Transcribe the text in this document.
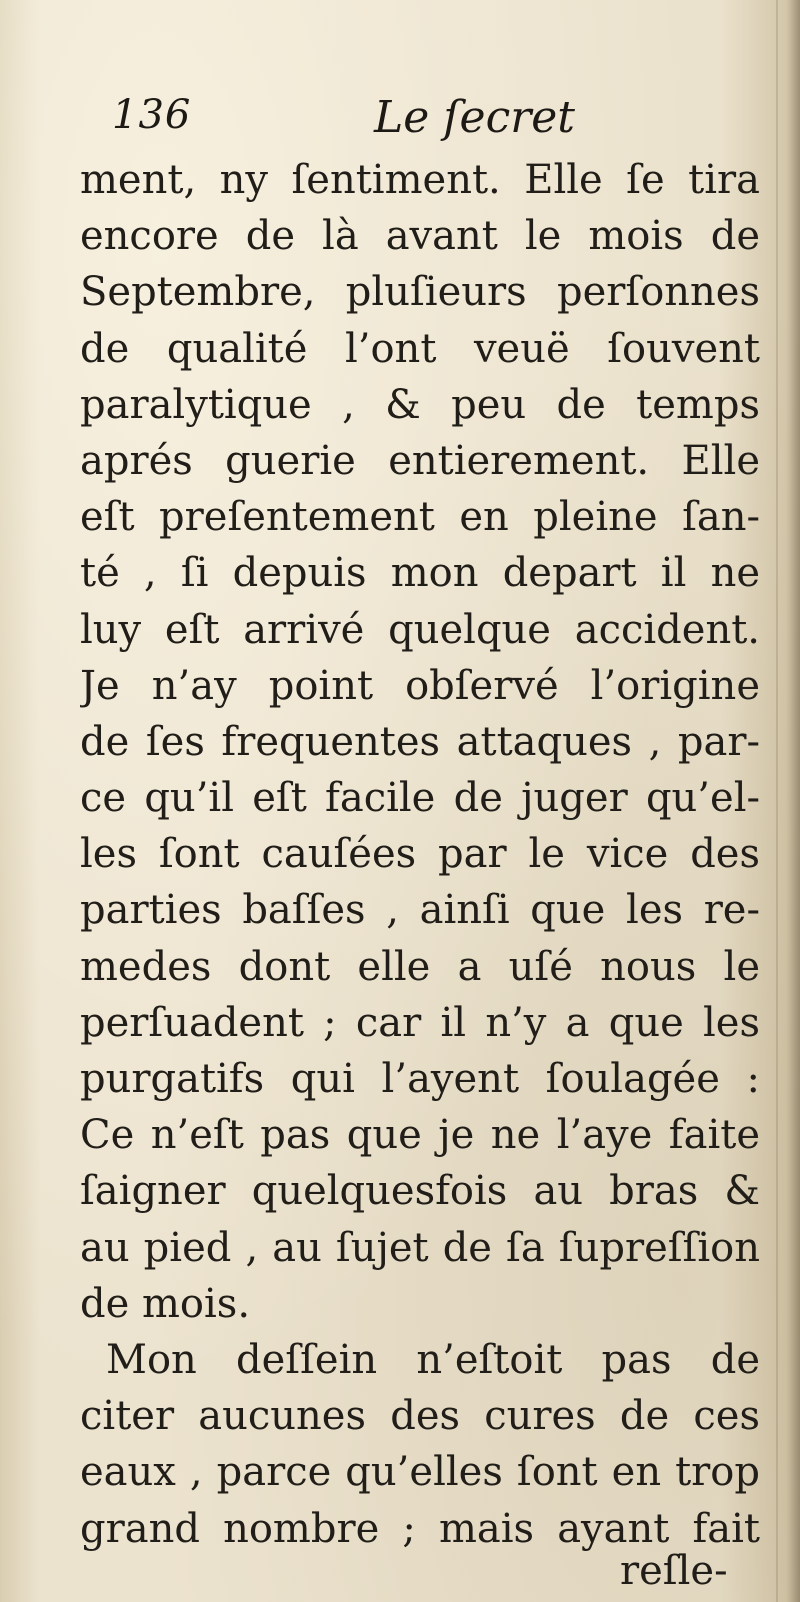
136	Le ſecret
ment, ny ſentiment. Elle ſe tira
encore de là avant le mois de
Septembre, pluſieurs perſonnes
de qualité l’ont veuë ſouvent
paralytique , & peu de temps
aprés guerie entierement. Elle
eſt preſentement en pleine ſan-
té , ſi depuis mon depart il ne
luy eſt arrivé quelque accident.
Je n’ay point obſervé l’origine
de ſes frequentes attaques , par-
ce qu’il eſt facile de juger qu’el-
les ſont cauſées par le vice des
parties baſſes , ainſi que les re-
medes dont elle a uſé nous le
perſuadent ; car il n’y a que les
purgatifs qui l’ayent ſoulagée :
Ce n’eſt pas que je ne l’aye faite
ſaigner quelquesfois au bras &
au pied , au ſujet de ſa ſupreſſion
de mois.
Mon deſſein n’eſtoit pas de
citer aucunes des cures de ces
eaux , parce qu’elles ſont en trop
grand nombre ; mais ayant fait
reſle-
